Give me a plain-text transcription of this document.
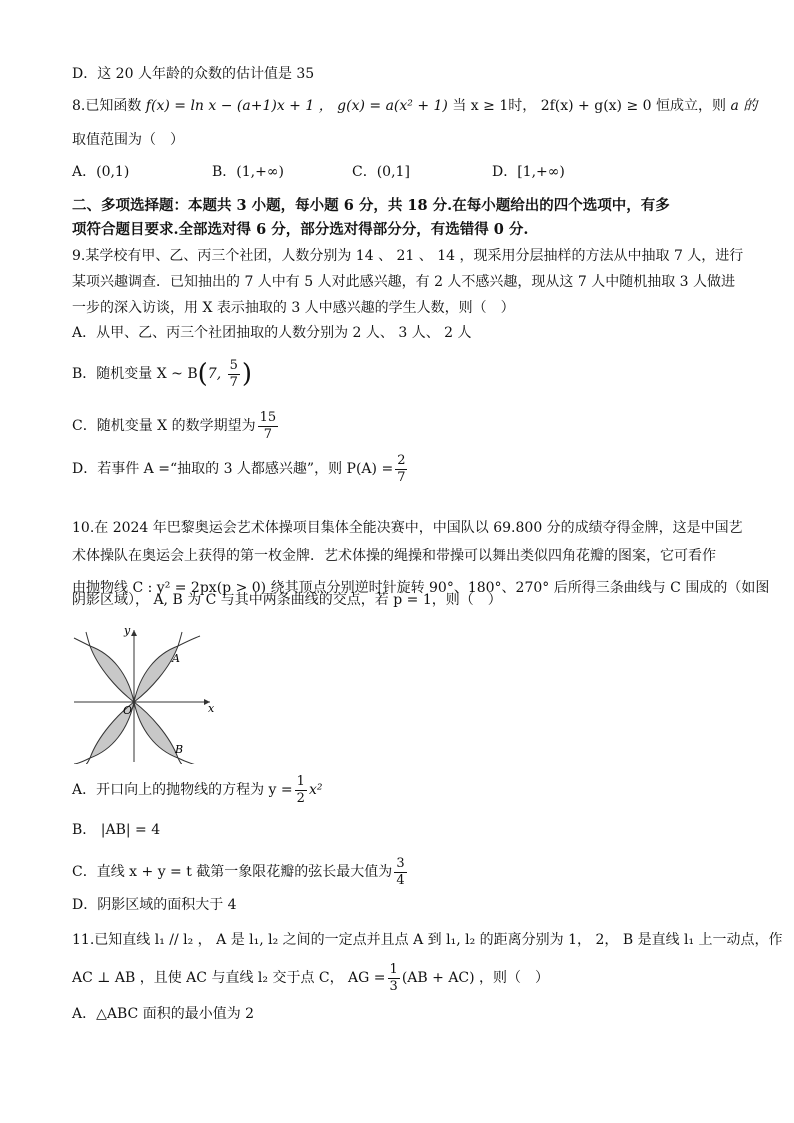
D．这 20 人年龄的众数的估计值是 35
8.已知函数 f(x) = ln x − (a+1)x + 1 ， g(x) = a(x² + 1) 当 x ≥ 1时， 2f(x) + g(x) ≥ 0 恒成立，则 a 的
取值范围为（　）
A．(0,1)	B．(1,+∞)	C．(0,1]	D．[1,+∞)
二、多项选择题：本题共 3 小题，每小题 6 分，共 18 分.在每小题给出的四个选项中，有多
项符合题目要求.全部选对得 6 分，部分选对得部分分，有选错得 0 分.
9.某学校有甲、乙、丙三个社团，人数分别为 14 、 21 、 14 ，现采用分层抽样的方法从中抽取 7 人，进行
某项兴趣调查．已知抽出的 7 人中有 5 人对此感兴趣，有 2 人不感兴趣，现从这 7 人中随机抽取 3 人做进
一步的深入访谈，用 X 表示抽取的 3 人中感兴趣的学生人数，则（　）
A．从甲、乙、丙三个社团抽取的人数分别为 2 人、 3 人、 2 人
B．随机变量 X ~ B(7, $\frac{5}{7}$ )
C．随机变量 X 的数学期望为 $\frac{15}{7}$
D．若事件 A =“抽取的 3 人都感兴趣”，则 $P(A) = \frac{2}{7}$
10.在 2024 年巴黎奥运会艺术体操项目集体全能决赛中，中国队以 69.800 分的成绩夺得金牌，这是中国艺
术体操队在奥运会上获得的第一枚金牌．艺术体操的绳操和带操可以舞出类似四角花瓣的图案，它可看作
由抛物线 C : y² = 2px(p > 0) 绕其顶点分别逆时针旋转 90°、180°、270° 后所得三条曲线与 C 围成的（如图
阴影区域）， A, B 为 C 与其中两条曲线的交点，若 p = 1，则（　）
y
x
O
A
B
A．开口向上的抛物线的方程为 $y = \frac{1}{2} x^2$
B． |AB| = 4
C．直线 x + y = t 截第一象限花瓣的弦长最大值为 $\frac{3}{4}$
D．阴影区域的面积大于 4
11.已知直线 l₁ // l₂ ， A 是 l₁, l₂ 之间的一定点并且点 A 到 l₁, l₂ 的距离分别为 1， 2， B 是直线 l₁ 上一动点，作
AC ⊥ AB ，且使 AC 与直线 l₂ 交于点 C， AG = $\frac{1}{3} (AB + AC)$ ，则（　）
A．△ABC 面积的最小值为 2
